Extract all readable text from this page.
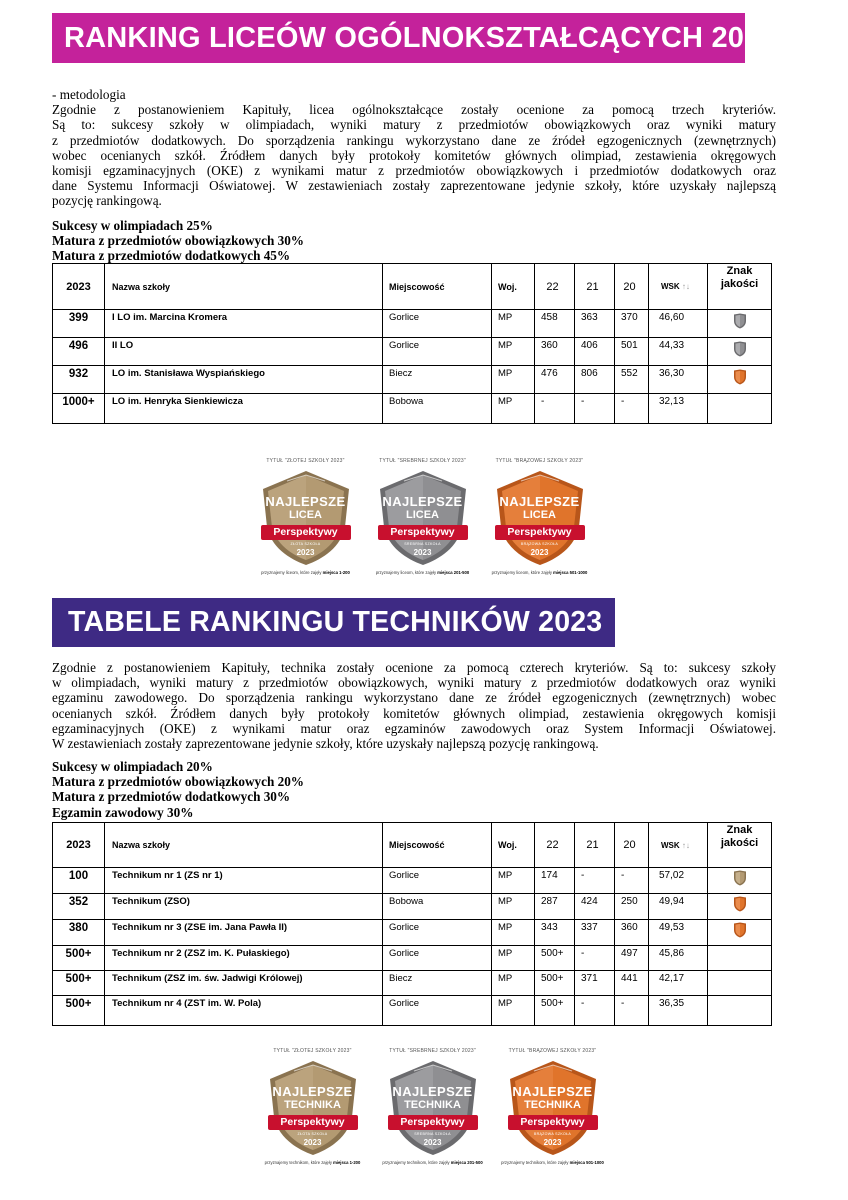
RANKING LICEÓW OGÓLNOKSZTAŁCĄCYCH 2023

- metodologia

Zgodnie z postanowieniem Kapituły, licea ogólnokształcące zostały ocenione za pomocą trzech kryteriów.

Są to: sukcesy szkoły w olimpiadach, wyniki matury z przedmiotów obowiązkowych oraz wyniki matury

z przedmiotów dodatkowych. Do sporządzenia rankingu wykorzystano dane ze źródeł egzogenicznych (zewnętrznych)

wobec ocenianych szkół. Źródłem danych były protokoły komitetów głównych olimpiad, zestawienia okręgowych

komisji egzaminacyjnych (OKE) z wynikami matur z przedmiotów obowiązkowych i przedmiotów dodatkowych oraz

dane Systemu Informacji Oświatowej. W zestawieniach zostały zaprezentowane jedynie szkoły, które uzyskały najlepszą

pozycję rankingową.

Sukcesy w olimpiadach 25%

Matura z przedmiotów obowiązkowych 30%

Matura z przedmiotów dodatkowych 45%

2023	Nazwa szkoły	Miejscowość	Woj.	22	21	20	WSK ↑↓	Znak jakości
399	I LO im. Marcina Kromera	Gorlice	MP	458	363	370	46,60	

496	II LO	Gorlice	MP	360	406	501	44,33	

932	LO im. Stanisława Wyspiańskiego	Biecz	MP	476	806	552	36,30	

1000+	LO im. Henryka Sienkiewicza	Bobowa	MP	-	-	-	32,13	
TYTUŁ "ZŁOTEJ SZKOŁY 2023"
NAJLEPSZE
LICEA
Perspektywy
ZŁOTA SZKOŁA
2023
przyznajemy liceom, które zajęły miejsca 1-200
TYTUŁ "SREBRNEJ SZKOŁY 2023"
NAJLEPSZE
LICEA
Perspektywy
SREBRNA SZKOŁA
2023
przyznajemy liceom, które zajęły miejsca 201-500
TYTUŁ "BRĄZOWEJ SZKOŁY 2023"
NAJLEPSZE
LICEA
Perspektywy
BRĄZOWA SZKOŁA
2023
przyznajemy liceom, które zajęły miejsca 501-1000
TABELE RANKINGU TECHNIKÓW 2023

Zgodnie z postanowieniem Kapituły, technika zostały ocenione za pomocą czterech kryteriów. Są to: sukcesy szkoły

w olimpiadach, wyniki matury z przedmiotów obowiązkowych, wyniki matury z przedmiotów dodatkowych oraz wyniki

egzaminu zawodowego. Do sporządzenia rankingu wykorzystano dane ze źródeł egzogenicznych (zewnętrznych) wobec

ocenianych szkół. Źródłem danych były protokoły komitetów głównych olimpiad, zestawienia okręgowych komisji

egzaminacyjnych (OKE) z wynikami matur oraz egzaminów zawodowych oraz System Informacji Oświatowej.

W zestawieniach zostały zaprezentowane jedynie szkoły, które uzyskały najlepszą pozycję rankingową.

Sukcesy w olimpiadach 20%

Matura z przedmiotów obowiązkowych 20%

Matura z przedmiotów dodatkowych 30%

Egzamin zawodowy 30%

2023	Nazwa szkoły	Miejscowość	Woj.	22	21	20	WSK ↑↓	Znak jakości
100	Technikum nr 1 (ZS nr 1)	Gorlice	MP	174	-	-	57,02	

352	Technikum (ZSO)	Bobowa	MP	287	424	250	49,94	

380	Technikum nr 3 (ZSE im. Jana Pawła II)	Gorlice	MP	343	337	360	49,53	

500+	Technikum nr 2 (ZSZ im. K. Pułaskiego)	Gorlice	MP	500+	-	497	45,86	
500+	Technikum (ZSZ im. św. Jadwigi Królowej)	Biecz	MP	500+	371	441	42,17	
500+	Technikum nr 4 (ZST im. W. Pola)	Gorlice	MP	500+	-	-	36,35	
TYTUŁ "ZŁOTEJ SZKOŁY 2023"
NAJLEPSZE
TECHNIKA
Perspektywy
ZŁOTA SZKOŁA
2023
przyznajemy technikom, które zajęły miejsca 1-200
TYTUŁ "SREBRNEJ SZKOŁY 2023"
NAJLEPSZE
TECHNIKA
Perspektywy
SREBRNA SZKOŁA
2023
przyznajemy technikom, które zajęły miejsca 201-500
TYTUŁ "BRĄZOWEJ SZKOŁY 2023"
NAJLEPSZE
TECHNIKA
Perspektywy
BRĄZOWA SZKOŁA
2023
przyznajemy technikom, które zajęły miejsca 501-1000
